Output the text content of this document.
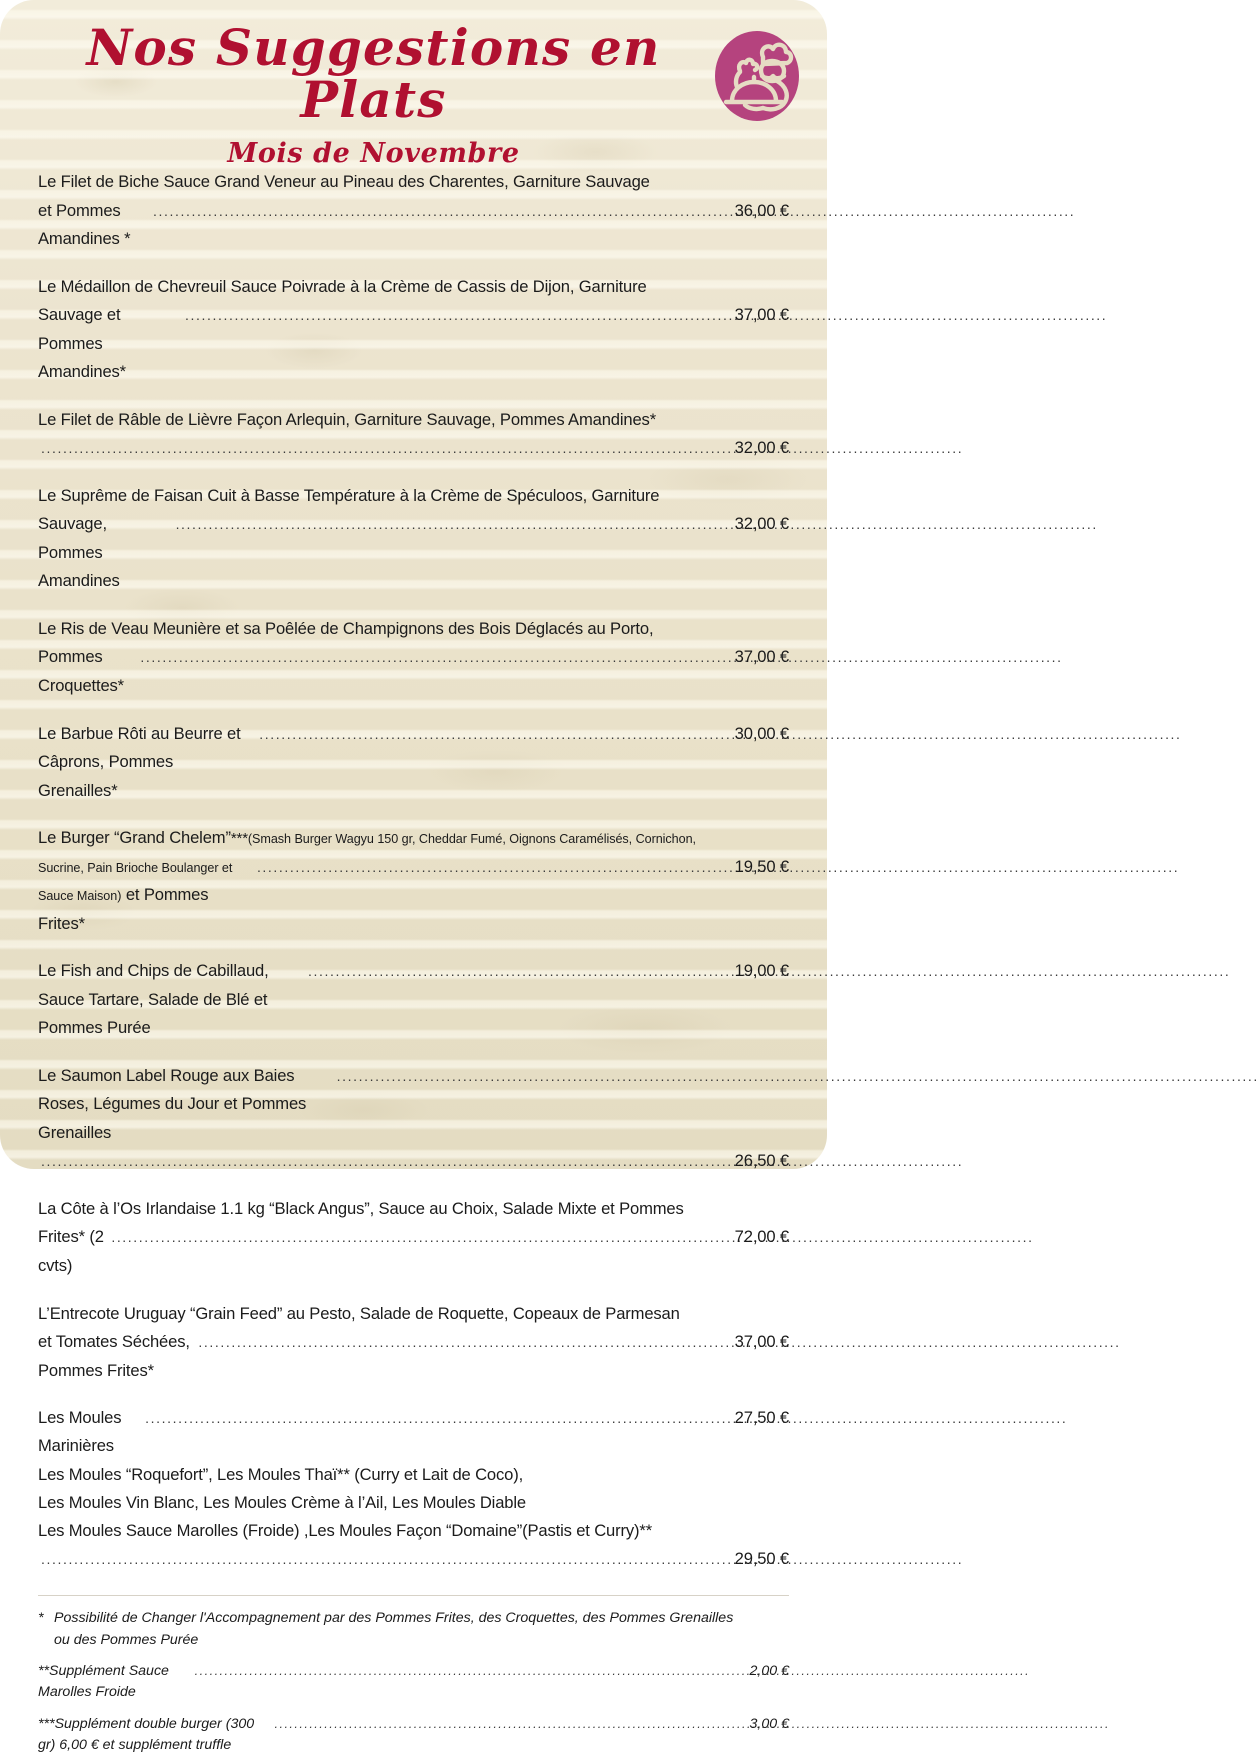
Nos Suggestions en Plats
Mois de Novembre
Le Filet de Biche Sauce Grand Veneur au Pineau des Charentes, Garniture Sauvage
et Pommes Amandines *
.....
36,00 €
Le Médaillon de Chevreuil Sauce Poivrade à la Crème de Cassis de Dijon, Garniture
Sauvage et Pommes Amandines*
.....
37,00 €
Le Filet de Râble de Lièvre Façon Arlequin, Garniture Sauvage, Pommes Amandines*
.....
32,00 €
Le Suprême de Faisan Cuit à Basse Température à la Crème de Spéculoos, Garniture
Sauvage, Pommes Amandines
.....
32,00 €
Le Ris de Veau Meunière et sa Poêlée de Champignons des Bois Déglacés au Porto,
Pommes Croquettes*
.....
37,00 €
Le Barbue Rôti au Beurre et Câprons, Pommes Grenailles*
.....
30,00 €
Le Burger “Grand Chelem”***(Smash Burger Wagyu 150 gr, Cheddar Fumé, Oignons Caramélisés, Cornichon,
Sucrine, Pain Brioche Boulanger et Sauce Maison) et Pommes Frites*
.....
19,50 €
Le Fish and Chips de Cabillaud, Sauce Tartare, Salade de Blé et Pommes Purée
.....
19,00 €
Le Saumon Label Rouge aux Baies Roses, Légumes du Jour et Pommes Grenailles
.....
.....
26,50 €
La Côte à l’Os Irlandaise 1.1 kg “Black Angus”, Sauce au Choix, Salade Mixte et Pommes
Frites* (2 cvts)
.....
72,00 €
L’Entrecote Uruguay “Grain Feed” au Pesto, Salade de Roquette, Copeaux de Parmesan
et Tomates Séchées, Pommes Frites*
.....
37,00 €
Les Moules Marinières
.....
27,50 €
Les Moules “Roquefort”, Les Moules Thaï** (Curry et Lait de Coco),
Les Moules Vin Blanc, Les Moules Crème à l’Ail, Les Moules Diable
Les Moules Sauce Marolles (Froide) ,Les Moules Façon “Domaine”(Pastis et Curry)**
.....
29,50 €
* Possibilité de Changer l'Accompagnement par des Pommes Frites, des Croquettes, des Pommes Grenailles
ou des Pommes Purée
**Supplément Sauce Marolles Froide
.....
2,00 €
***Supplément double burger (300 gr) 6,00 € et supplément truffle
.....
3,00 €
